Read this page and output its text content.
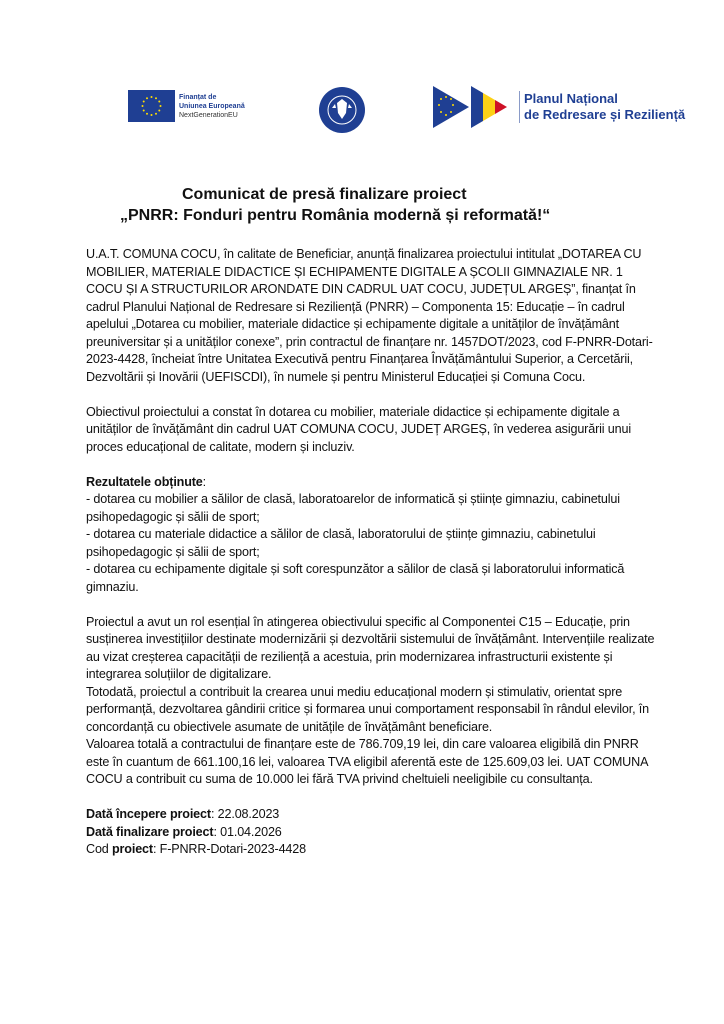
Finanțat de
Uniunea Europeană
NextGenerationEU
Planul Național
de Redresare și Reziliență
Comunicat de presă finalizare proiect
„PNRR: Fonduri pentru România modernă și reformată!“

U.A.T. COMUNA COCU, în calitate de Beneficiar, anunță finalizarea proiectului intitulat „DOTAREA CU MOBILIER, MATERIALE DIDACTICE ȘI ECHIPAMENTE DIGITALE A ȘCOLII GIMNAZIALE NR. 1 COCU ȘI A STRUCTURILOR ARONDATE DIN CADRUL UAT COCU, JUDEȚUL ARGEȘ”, finanțat în cadrul Planului Național de Redresare si Reziliență (PNRR) – Componenta 15: Educație – în cadrul apelului „Dotarea cu mobilier, materiale didactice și echipamente digitale a unităților de învățământ preuniversitar și a unităților conexe”, prin contractul de finanțare nr. 1457DOT/2023, cod F-PNRR-Dotari-2023-4428, încheiat între Unitatea Executivă pentru Finanțarea Învățământului Superior, a Cercetării, Dezvoltării și Inovării (UEFISCDI), în numele și pentru Ministerul Educației și Comuna Cocu.

Obiectivul proiectului a constat în dotarea cu mobilier, materiale didactice și echipamente digitale a unităților de învățământ din cadrul UAT COMUNA COCU, JUDEȚ ARGEȘ, în vederea asigurării unui proces educațional de calitate, modern și incluziv.

Rezultatele obținute:

- dotarea cu mobilier a sălilor de clasă, laboratoarelor de informatică și științe gimnaziu, cabinetului psihopedagogic și sălii de sport;

- dotarea cu materiale didactice a sălilor de clasă, laboratorului de științe gimnaziu, cabinetului psihopedagogic și sălii de sport;

- dotarea cu echipamente digitale și soft corespunzător a sălilor de clasă și laboratorului informatică gimnaziu.

Proiectul a avut un rol esențial în atingerea obiectivului specific al Componentei C15 – Educație, prin susținerea investițiilor destinate modernizării și dezvoltării sistemului de învățământ. Intervențiile realizate au vizat creșterea capacității de reziliență a acestuia, prin modernizarea infrastructurii existente și integrarea soluțiilor de digitalizare.

Totodată, proiectul a contribuit la crearea unui mediu educațional modern și stimulativ, orientat spre performanță, dezvoltarea gândirii critice și formarea unui comportament responsabil în rândul elevilor, în concordanță cu obiectivele asumate de unitățile de învățământ beneficiare.

Valoarea totală a contractului de finanțare este de 786.709,19 lei, din care valoarea eligibilă din PNRR este în cuantum de 661.100,16 lei, valoarea TVA eligibil aferentă este de 125.609,03 lei. UAT COMUNA COCU a contribuit cu suma de 10.000 lei fără TVA privind cheltuieli neeligibile cu consultanța.

Dată începere proiect: 22.08.2023

Dată finalizare proiect: 01.04.2026

Cod proiect: F-PNRR-Dotari-2023-4428
